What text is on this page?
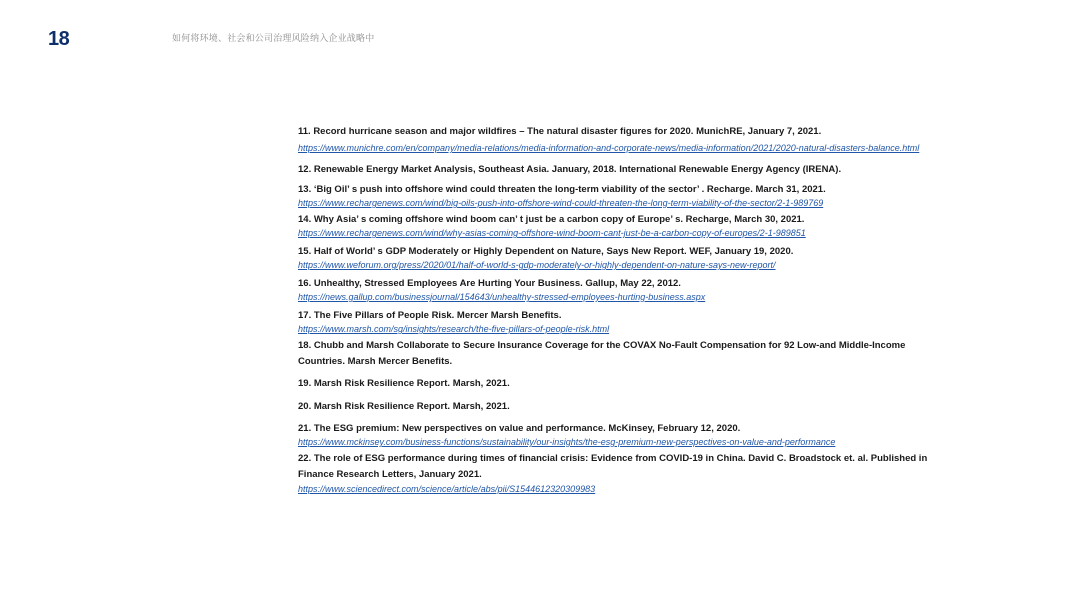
18	如何将环境、社会和公司治理风险纳入企业战略中
11. Record hurricane season and major wildfires – The natural disaster figures for 2020. MunichRE, January 7, 2021.
https://www.munichre.com/en/company/media-relations/media-information-and-corporate-news/media-information/2021/2020-natural-disasters-balance.html
12. Renewable Energy Market Analysis, Southeast Asia. January, 2018. International Renewable Energy Agency (IRENA).
13. ‘Big Oil’ s push into offshore wind could threaten the long-term viability of the sector’ . Recharge. March 31, 2021.
https://www.rechargenews.com/wind/big-oils-push-into-offshore-wind-could-threaten-the-long-term-viability-of-the-sector/2-1-989769
14. Why Asia’ s coming offshore wind boom can’ t just be a carbon copy of Europe’ s. Recharge, March 30, 2021.
https://www.rechargenews.com/wind/why-asias-coming-offshore-wind-boom-cant-just-be-a-carbon-copy-of-europes/2-1-989851
15. Half of World’ s GDP Moderately or Highly Dependent on Nature, Says New Report. WEF, January 19, 2020.
https://www.weforum.org/press/2020/01/half-of-world-s-gdp-moderately-or-highly-dependent-on-nature-says-new-report/
16. Unhealthy, Stressed Employees Are Hurting Your Business. Gallup, May 22, 2012.
https://news.gallup.com/businessjournal/154643/unhealthy-stressed-employees-hurting-business.aspx
17. The Five Pillars of People Risk. Mercer Marsh Benefits.
https://www.marsh.com/sg/insights/research/the-five-pillars-of-people-risk.html
18. Chubb and Marsh Collaborate to Secure Insurance Coverage for the COVAX No-Fault Compensation for 92 Low-and Middle-Income Countries. Marsh Mercer Benefits.
19. Marsh Risk Resilience Report. Marsh, 2021.
20. Marsh Risk Resilience Report. Marsh, 2021.
21. The ESG premium: New perspectives on value and performance. McKinsey, February 12, 2020.
https://www.mckinsey.com/business-functions/sustainability/our-insights/the-esg-premium-new-perspectives-on-value-and-performance
22. The role of ESG performance during times of financial crisis: Evidence from COVID-19 in China. David C. Broadstock et. al. Published in Finance Research Letters, January 2021.
https://www.sciencedirect.com/science/article/abs/pii/S1544612320309983
